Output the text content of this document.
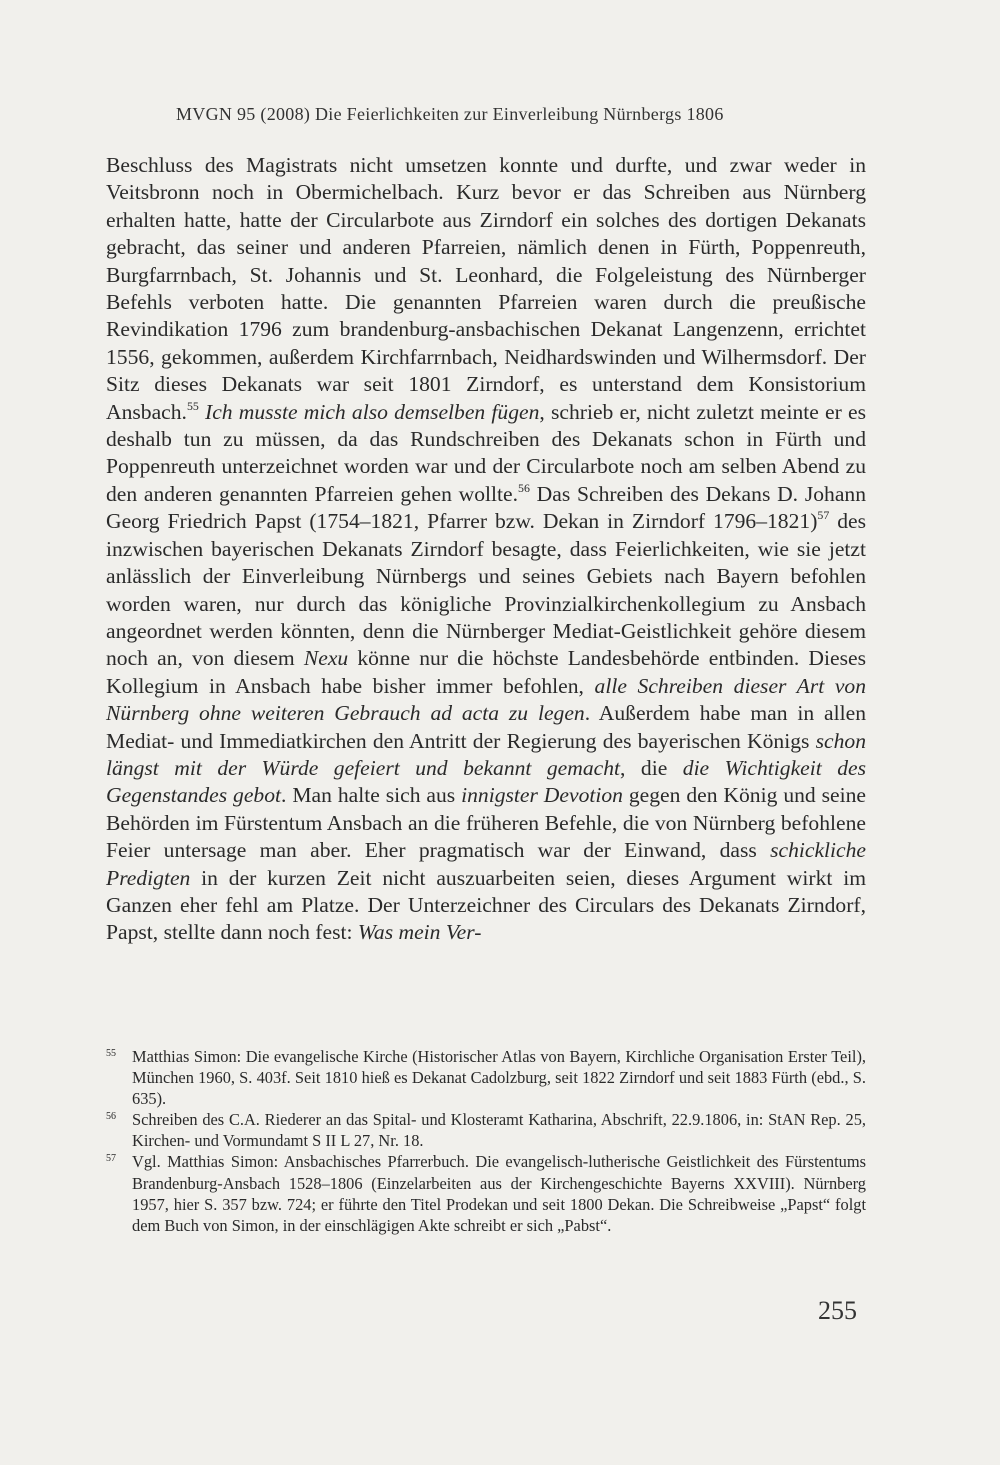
MVGN 95 (2008) Die Feierlichkeiten zur Einverleibung Nürnbergs 1806

Beschluss des Magistrats nicht umsetzen konnte und durfte, und zwar weder in Veitsbronn noch in Obermichelbach. Kurz bevor er das Schreiben aus Nürnberg erhalten hatte, hatte der Circularbote aus Zirndorf ein solches des dortigen Dekanats gebracht, das seiner und anderen Pfarreien, nämlich denen in Fürth, Poppenreuth, Burgfarrnbach, St. Johannis und St. Leonhard, die Folgeleistung des Nürnberger Befehls verboten hatte. Die genannten Pfarreien waren durch die preußische Revindikation 1796 zum brandenburg-ansbachischen Dekanat Langenzenn, errichtet 1556, gekommen, außerdem Kirchfarrnbach, Neidhardswinden und Wilhermsdorf. Der Sitz dieses Dekanats war seit 1801 Zirndorf, es unterstand dem Konsistorium Ansbach.$^{55}$ Ich musste mich also demselben fügen, schrieb er, nicht zuletzt meinte er es deshalb tun zu müssen, da das Rundschreiben des Dekanats schon in Fürth und Poppenreuth unterzeichnet worden war und der Circularbote noch am selben Abend zu den anderen genannten Pfarreien gehen wollte.$^{56}$ Das Schreiben des Dekans D. Johann Georg Friedrich Papst (1754–1821, Pfarrer bzw. Dekan in Zirndorf 1796–1821)$^{57}$ des inzwischen bayerischen Dekanats Zirndorf besagte, dass Feierlichkeiten, wie sie jetzt anlässlich der Einverleibung Nürnbergs und seines Gebiets nach Bayern befohlen worden waren, nur durch das königliche Provinzialkirchenkollegium zu Ansbach angeordnet werden könnten, denn die Nürnberger Mediat-Geistlichkeit gehöre diesem noch an, von diesem Nexu könne nur die höchste Landesbehörde entbinden. Dieses Kollegium in Ansbach habe bisher immer befohlen, alle Schreiben dieser Art von Nürnberg ohne weiteren Gebrauch ad acta zu legen. Außerdem habe man in allen Mediat- und Immediatkirchen den Antritt der Regierung des bayerischen Königs schon längst mit der Würde gefeiert und bekannt gemacht, die die Wichtigkeit des Gegenstandes gebot. Man halte sich aus innigster Devotion gegen den König und seine Behörden im Fürstentum Ansbach an die früheren Befehle, die von Nürnberg befohlene Feier untersage man aber. Eher pragmatisch war der Einwand, dass schickliche Predigten in der kurzen Zeit nicht auszuarbeiten seien, dieses Argument wirkt im Ganzen eher fehl am Platze. Der Unterzeichner des Circulars des Dekanats Zirndorf, Papst, stellte dann noch fest: Was mein Ver-

55 Matthias Simon: Die evangelische Kirche (Historischer Atlas von Bayern, Kirchliche Organisation Erster Teil), München 1960, S. 403f. Seit 1810 hieß es Dekanat Cadolzburg, seit 1822 Zirndorf und seit 1883 Fürth (ebd., S. 635).

56 Schreiben des C.A. Riederer an das Spital- und Klosteramt Katharina, Abschrift, 22.9.1806, in: StAN Rep. 25, Kirchen- und Vormundamt S II L 27, Nr. 18.

57 Vgl. Matthias Simon: Ansbachisches Pfarrerbuch. Die evangelisch-lutherische Geistlichkeit des Fürstentums Brandenburg-Ansbach 1528–1806 (Einzelarbeiten aus der Kirchengeschichte Bayerns XXVIII). Nürnberg 1957, hier S. 357 bzw. 724; er führte den Titel Prodekan und seit 1800 Dekan. Die Schreibweise „Papst“ folgt dem Buch von Simon, in der einschlägigen Akte schreibt er sich „Pabst“.

255
